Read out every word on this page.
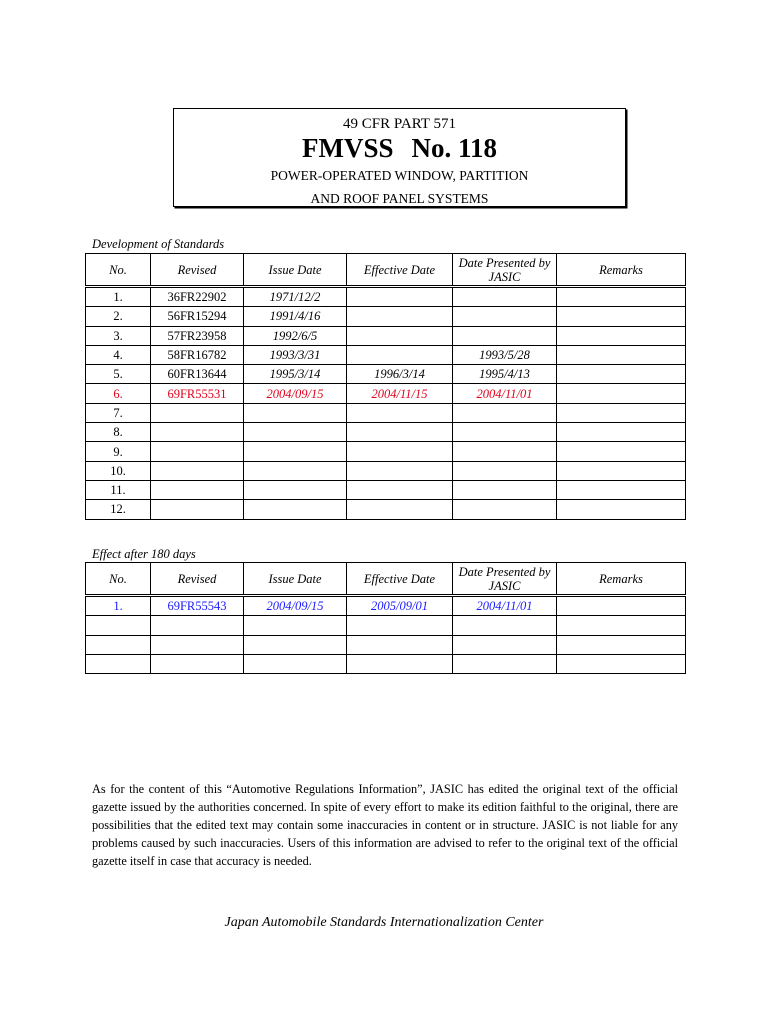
49 CFR PART 571
FMVSS No. 118
POWER-OPERATED WINDOW, PARTITION
AND ROOF PANEL SYSTEMS
Development of Standards
No.	Revised	Issue Date	Effective Date	Date Presented by JASIC	Remarks
1.	36FR22902	1971/12/2			
2.	56FR15294	1991/4/16			
3.	57FR23958	1992/6/5			
4.	58FR16782	1993/3/31		1993/5/28	
5.	60FR13644	1995/3/14	1996/3/14	1995/4/13	
6.	69FR55531	2004/09/15	2004/11/15	2004/11/01	
7.					
8.					
9.					
10.					
11.					
12.					
Effect after 180 days
No.	Revised	Issue Date	Effective Date	Date Presented by JASIC	Remarks
1.	69FR55543	2004/09/15	2005/09/01	2004/11/01	

As for the content of this “Automotive Regulations Information”, JASIC has edited the original text of the official gazette issued by the authorities concerned. In spite of every effort to make its edition faithful to the original, there are possibilities that the edited text may contain some inaccuracies in content or in structure. JASIC is not liable for any problems caused by such inaccuracies. Users of this information are advised to refer to the original text of the official gazette itself in case that accuracy is needed.
Japan Automobile Standards Internationalization Center
